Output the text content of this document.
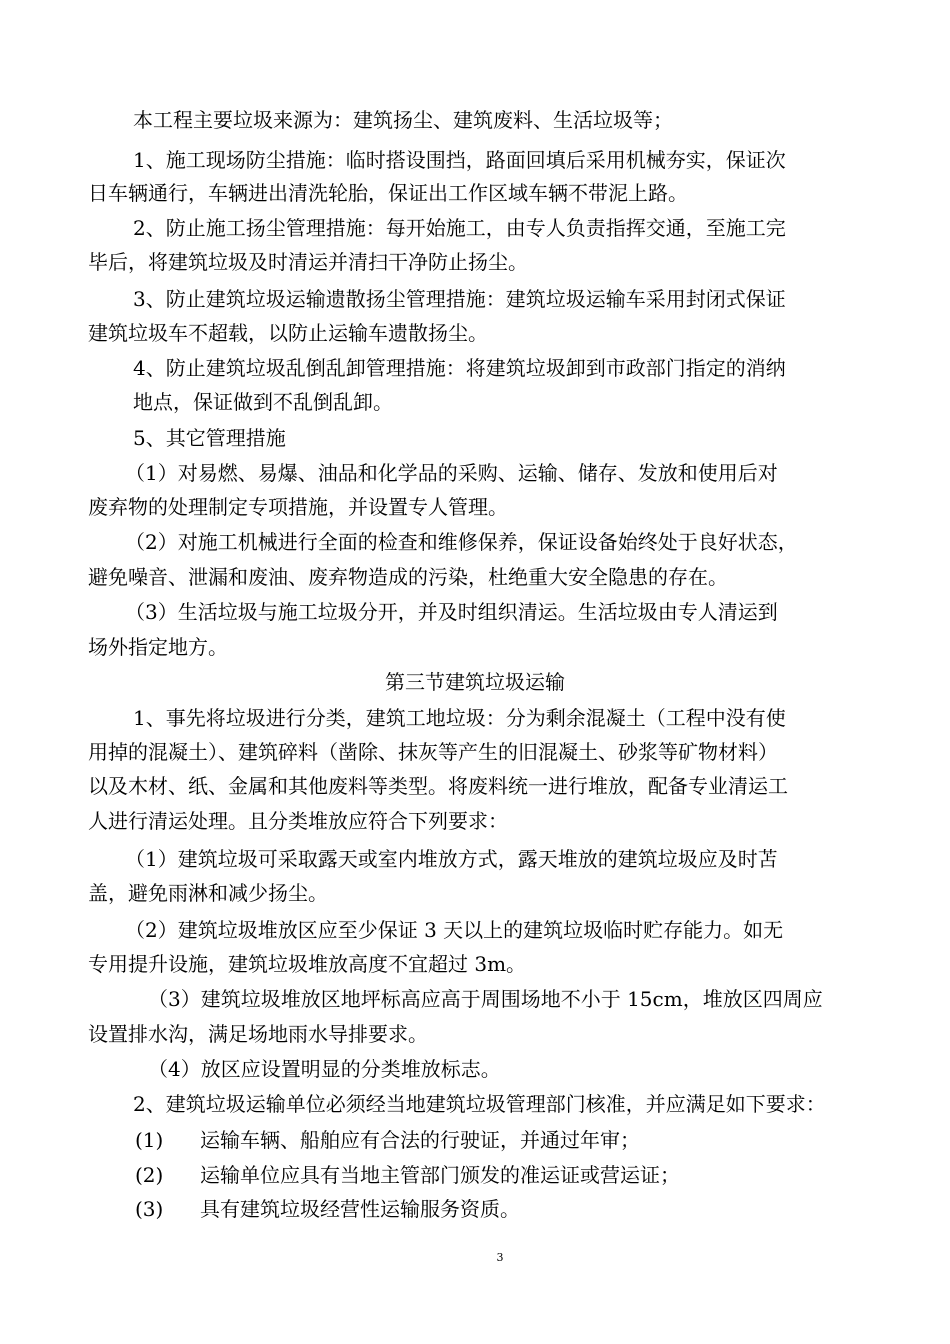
本工程主要垃圾来源为：建筑扬尘、建筑废料、生活垃圾等；
1、施工现场防尘措施：临时搭设围挡，路面回填后采用机械夯实，保证次
日车辆通行，车辆进出清洗轮胎，保证出工作区域车辆不带泥上路。
2、防止施工扬尘管理措施：每开始施工，由专人负责指挥交通，至施工完
毕后，将建筑垃圾及时清运并清扫干净防止扬尘。
3、防止建筑垃圾运输遗散扬尘管理措施：建筑垃圾运输车采用封闭式保证
建筑垃圾车不超载，以防止运输车遗散扬尘。
4、防止建筑垃圾乱倒乱卸管理措施：将建筑垃圾卸到市政部门指定的消纳
地点，保证做到不乱倒乱卸。
5、其它管理措施
（1）对易燃、易爆、油品和化学品的采购、运输、储存、发放和使用后对
废弃物的处理制定专项措施，并设置专人管理。
（2）对施工机械进行全面的检查和维修保养，保证设备始终处于良好状态，
避免噪音、泄漏和废油、废弃物造成的污染，杜绝重大安全隐患的存在。
（3）生活垃圾与施工垃圾分开，并及时组织清运。生活垃圾由专人清运到
场外指定地方。
第三节建筑垃圾运输
1、事先将垃圾进行分类，建筑工地垃圾：分为剩余混凝土（工程中没有使
用掉的混凝土）、建筑碎料（凿除、抹灰等产生的旧混凝土、砂浆等矿物材料）
以及木材、纸、金属和其他废料等类型。将废料统一进行堆放，配备专业清运工
人进行清运处理。且分类堆放应符合下列要求：
（1）建筑垃圾可采取露天或室内堆放方式，露天堆放的建筑垃圾应及时苫
盖，避免雨淋和减少扬尘。
（2）建筑垃圾堆放区应至少保证 3 天以上的建筑垃圾临时贮存能力。如无
专用提升设施，建筑垃圾堆放高度不宜超过 3m。
（3）建筑垃圾堆放区地坪标高应高于周围场地不小于 15cm，堆放区四周应
设置排水沟，满足场地雨水导排要求。
（4）放区应设置明显的分类堆放标志。
2、建筑垃圾运输单位必须经当地建筑垃圾管理部门核准，并应满足如下要求：
(1) 运输车辆、船舶应有合法的行驶证，并通过年审；
(2) 运输单位应具有当地主管部门颁发的准运证或营运证；
(3) 具有建筑垃圾经营性运输服务资质。
3
